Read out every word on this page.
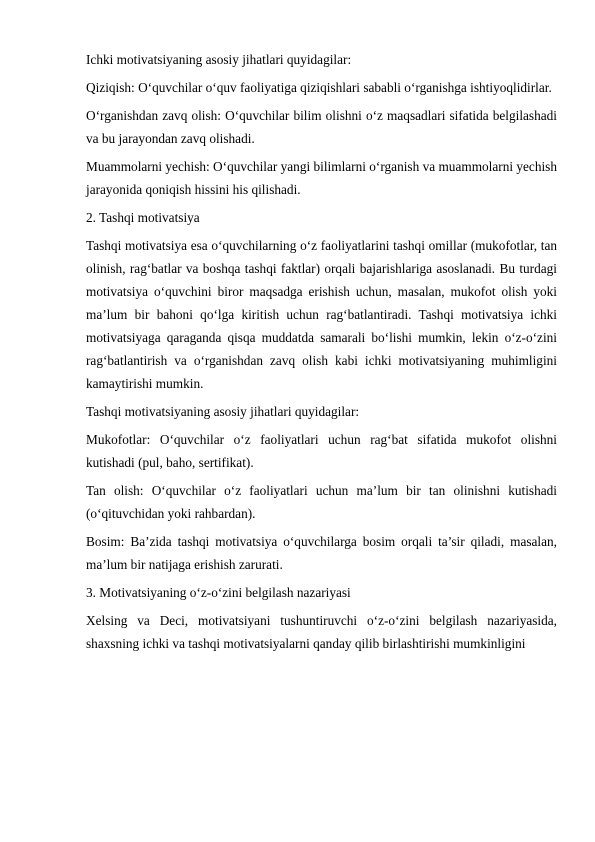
Ichki motivatsiyaning asosiy jihatlari quyidagilar:

Qiziqish: O‘quvchilar o‘quv faoliyatiga qiziqishlari sababli o‘rganishga ishtiyoqlidirlar.

O‘rganishdan zavq olish: O‘quvchilar bilim olishni o‘z maqsadlari sifatida belgilashadi va bu jarayondan zavq olishadi.

Muammolarni yechish: O‘quvchilar yangi bilimlarni o‘rganish va muammolarni yechish jarayonida qoniqish hissini his qilishadi.

2. Tashqi motivatsiya

Tashqi motivatsiya esa o‘quvchilarning o‘z faoliyatlarini tashqi omillar (mukofotlar, tan olinish, rag‘batlar va boshqa tashqi faktlar) orqali bajarishlariga asoslanadi. Bu turdagi motivatsiya o‘quvchini biror maqsadga erishish uchun, masalan, mukofot olish yoki ma’lum bir bahoni qo‘lga kiritish uchun rag‘batlantiradi. Tashqi motivatsiya ichki motivatsiyaga qaraganda qisqa muddatda samarali bo‘lishi mumkin, lekin o‘z-o‘zini rag‘batlantirish va o‘rganishdan zavq olish kabi ichki motivatsiyaning muhimligini kamaytirishi mumkin.

Tashqi motivatsiyaning asosiy jihatlari quyidagilar:

Mukofotlar: O‘quvchilar o‘z faoliyatlari uchun rag‘bat sifatida mukofot olishni kutishadi (pul, baho, sertifikat).

Tan olish: O‘quvchilar o‘z faoliyatlari uchun ma’lum bir tan olinishni kutishadi (o‘qituvchidan yoki rahbardan).

Bosim: Ba’zida tashqi motivatsiya o‘quvchilarga bosim orqali ta’sir qiladi, masalan, ma’lum bir natijaga erishish zarurati.

3. Motivatsiyaning o‘z-o‘zini belgilash nazariyasi

Xelsing va Deci, motivatsiyani tushuntiruvchi o‘z-o‘zini belgilash nazariyasida, shaxsning ichki va tashqi motivatsiyalarni qanday qilib birlashtirishi mumkinligini
